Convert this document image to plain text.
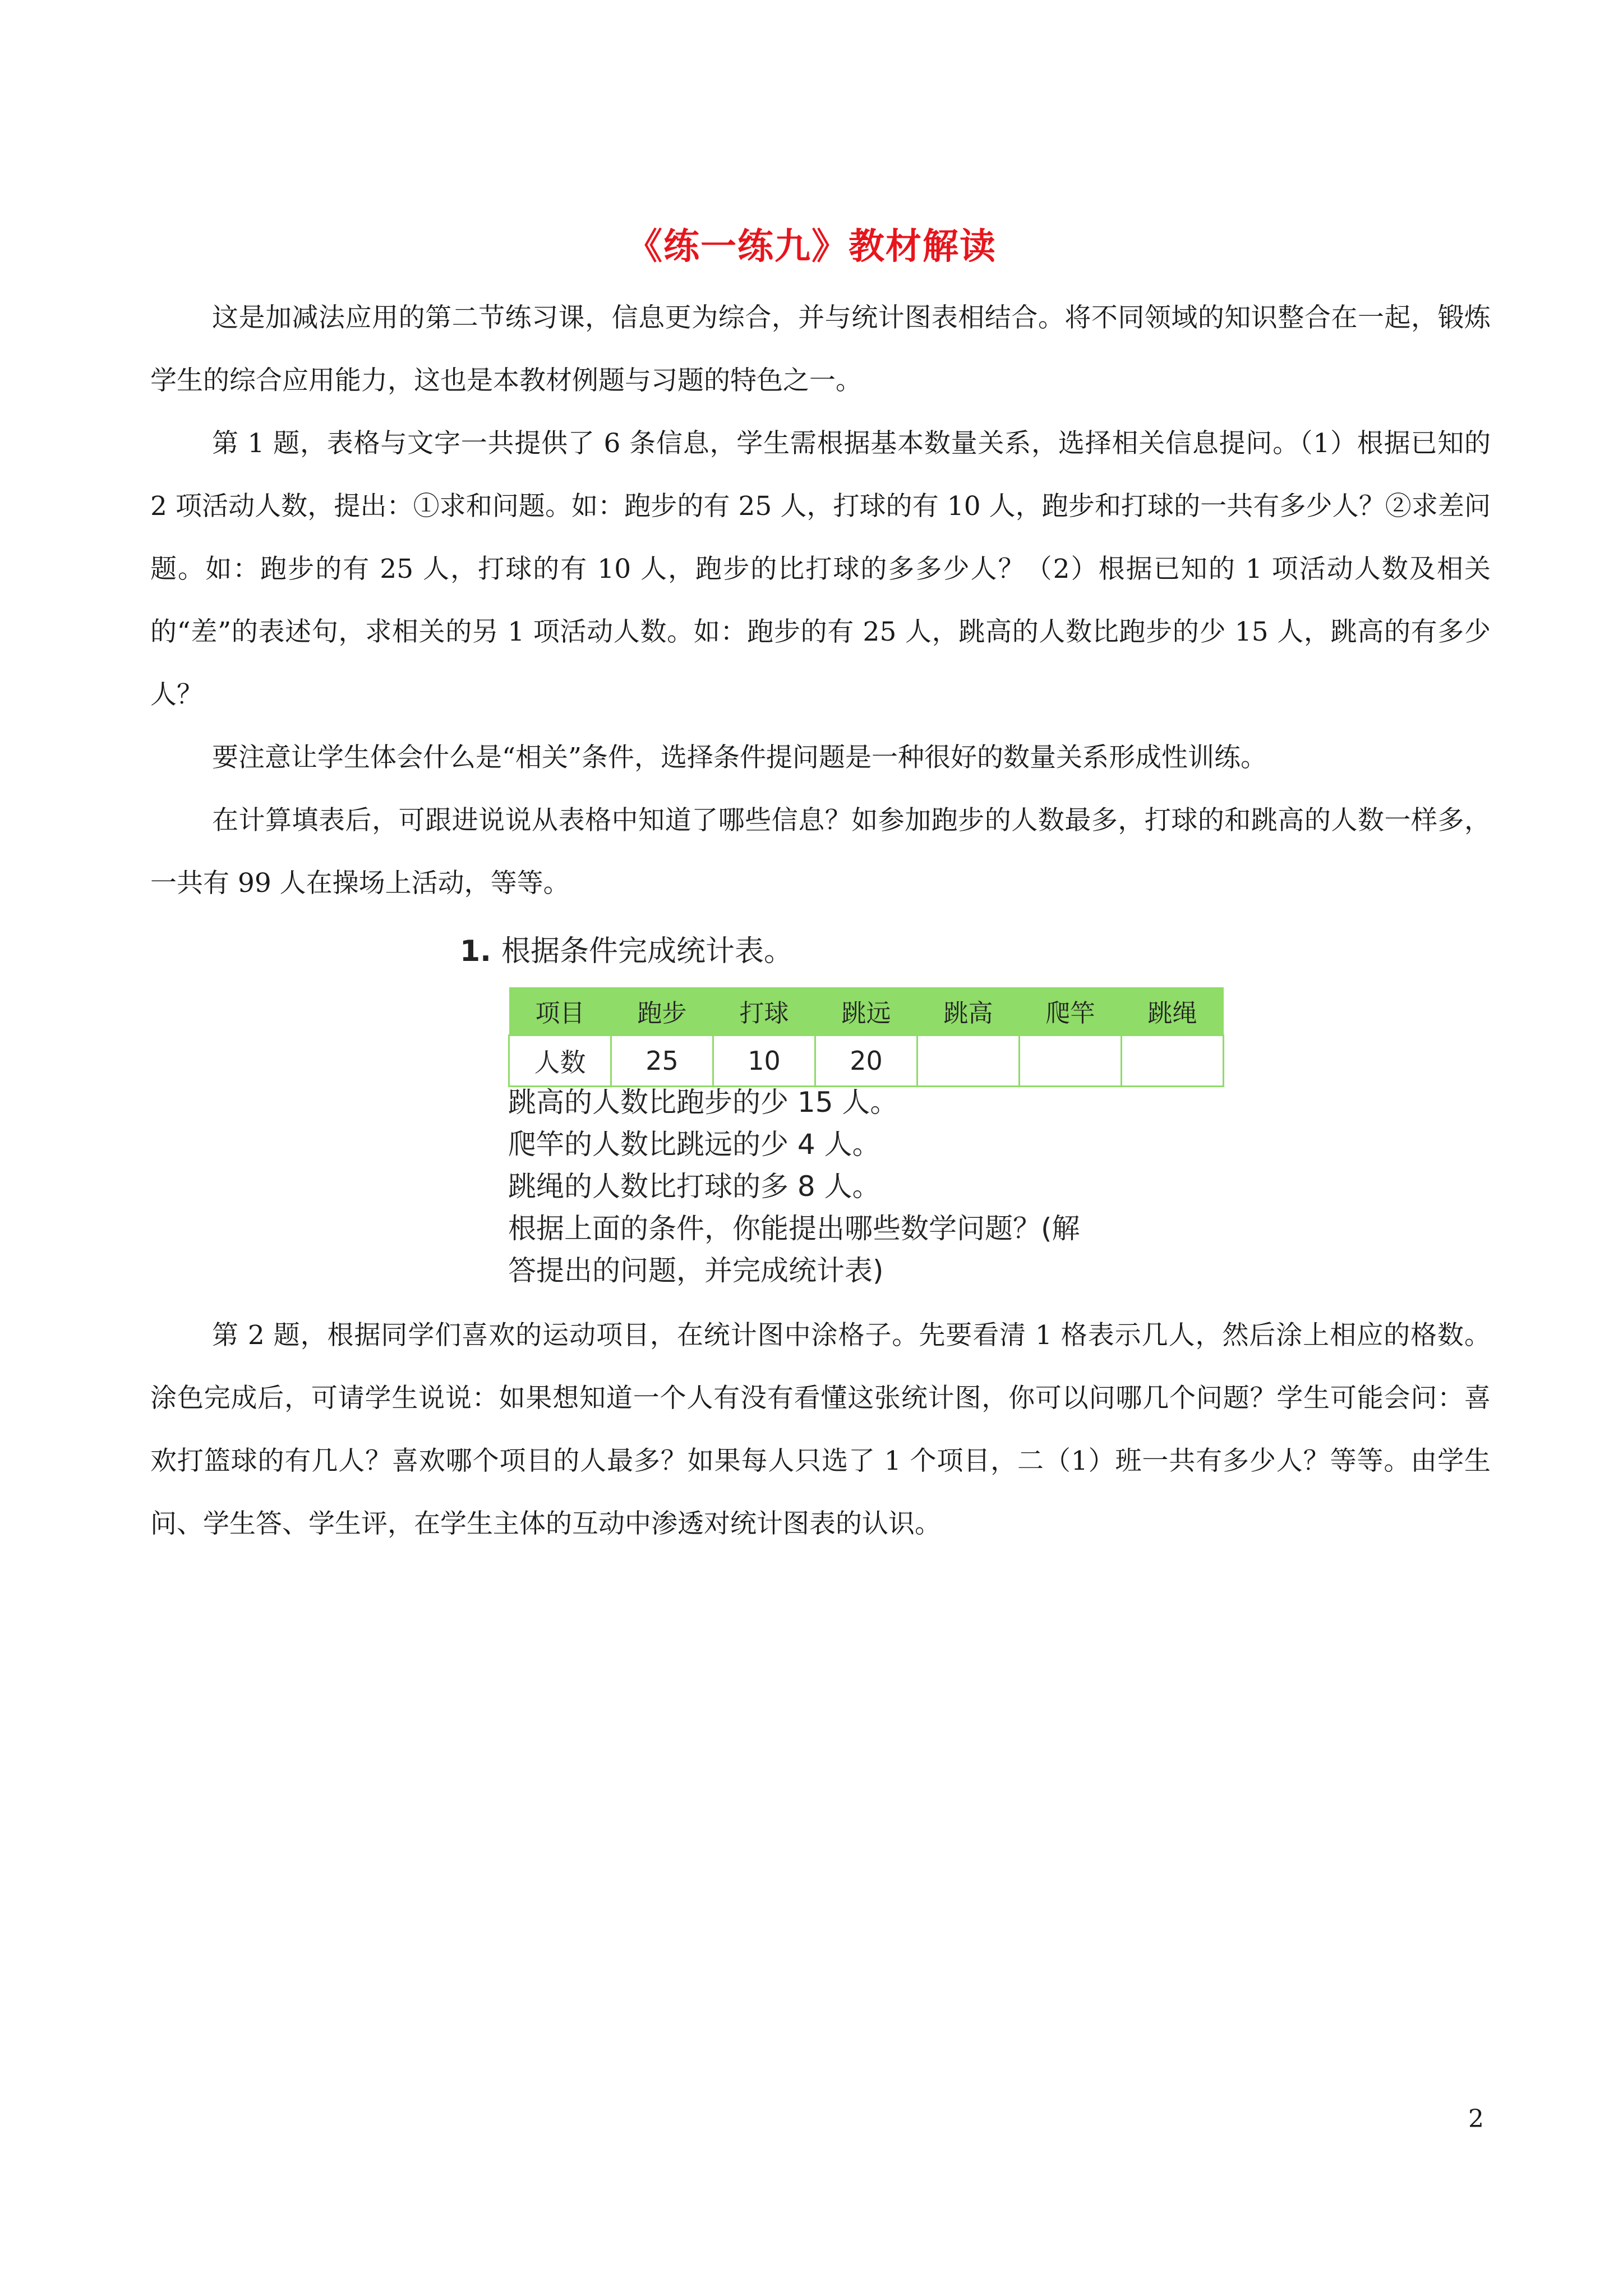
《练一练九》教材解读

这是加减法应用的第二节练习课，信息更为综合，并与统计图表相结合。将不同领域的知识整合在一起，锻炼学生的综合应用能力，这也是本教材例题与习题的特色之一。

第 1 题，表格与文字一共提供了 6 条信息，学生需根据基本数量关系，选择相关信息提问。（1）根据已知的 2 项活动人数，提出：①求和问题。如：跑步的有 25 人，打球的有 10 人，跑步和打球的一共有多少人？②求差问题。如：跑步的有 25 人，打球的有 10 人，跑步的比打球的多多少人？（2）根据已知的 1 项活动人数及相关的“差”的表述句，求相关的另 1 项活动人数。如：跑步的有 25 人，跳高的人数比跑步的少 15 人，跳高的有多少人？

要注意让学生体会什么是“相关”条件，选择条件提问题是一种很好的数量关系形成性训练。

在计算填表后，可跟进说说从表格中知道了哪些信息？如参加跑步的人数最多，打球的和跳高的人数一样多，一共有 99 人在操场上活动，等等。

1. 根据条件完成统计表。
项目	跑步	打球	跳远	跳高	爬竿	跳绳
人数	25	10	20			
跳高的人数比跑步的少 15 人。
爬竿的人数比跳远的少 4 人。
跳绳的人数比打球的多 8 人。
根据上面的条件，你能提出哪些数学问题？(解
答提出的问题，并完成统计表)

第 2 题，根据同学们喜欢的运动项目，在统计图中涂格子。先要看清 1 格表示几人，然后涂上相应的格数。涂色完成后，可请学生说说：如果想知道一个人有没有看懂这张统计图，你可以问哪几个问题？学生可能会问：喜欢打篮球的有几人？喜欢哪个项目的人最多？如果每人只选了 1 个项目，二（1）班一共有多少人？等等。由学生问、学生答、学生评，在学生主体的互动中渗透对统计图表的认识。

2
